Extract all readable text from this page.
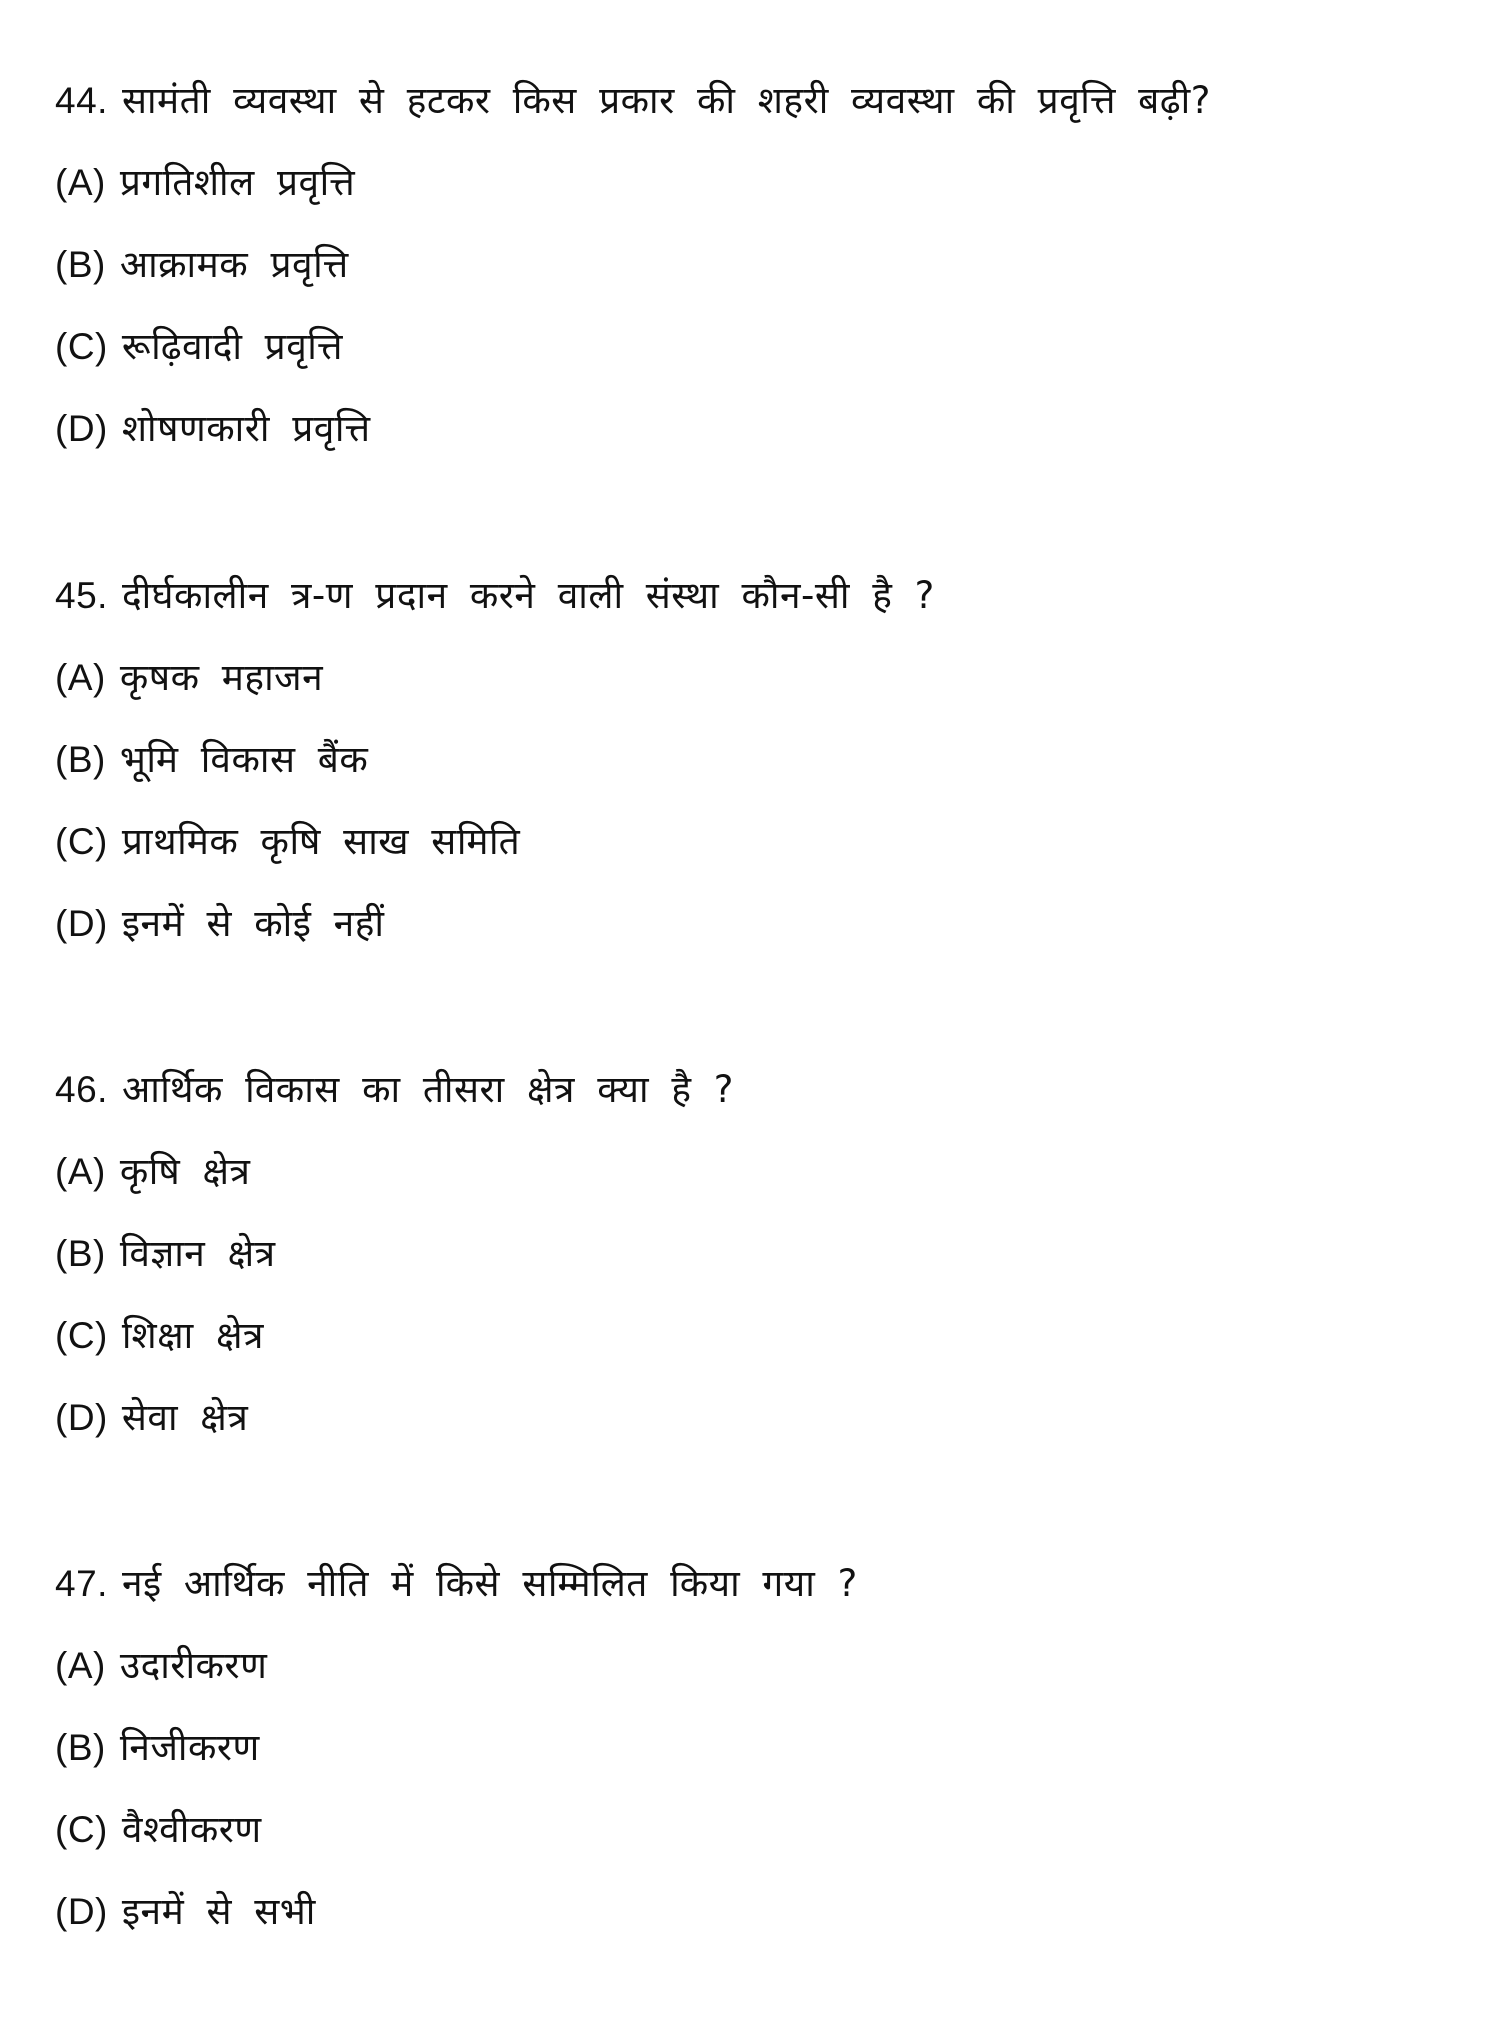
44. सामंती व्यवस्था से हटकर किस प्रकार की शहरी व्यवस्था की प्रवृत्ति बढ़ी?
(A) प्रगतिशील प्रवृत्ति
(B) आक्रामक प्रवृत्ति
(C) रूढ़िवादी प्रवृत्ति
(D) शोषणकारी प्रवृत्ति
45. दीर्घकालीन त्र-ण प्रदान करने वाली संस्था कौन-सी है ?
(A) कृषक महाजन
(B) भूमि विकास बैंक
(C) प्राथमिक कृषि साख समिति
(D) इनमें से कोई नहीं
46. आर्थिक विकास का तीसरा क्षेत्र क्या है ?
(A) कृषि क्षेत्र
(B) विज्ञान क्षेत्र
(C) शिक्षा क्षेत्र
(D) सेवा क्षेत्र
47. नई आर्थिक नीति में किसे सम्मिलित किया गया ?
(A) उदारीकरण
(B) निजीकरण
(C) वैश्वीकरण
(D) इनमें से सभी
